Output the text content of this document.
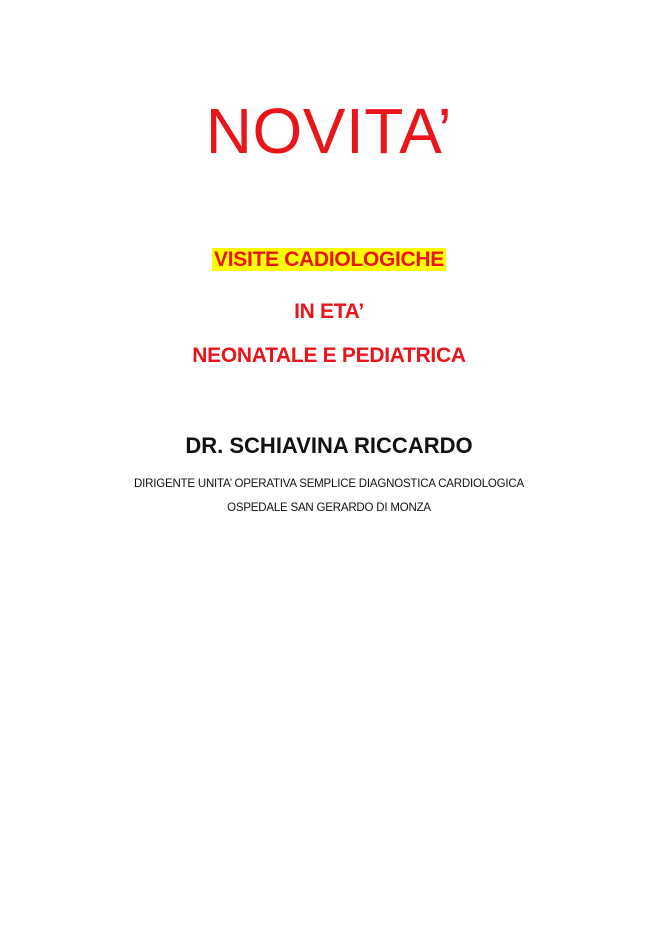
NOVITA’
VISITE CADIOLOGICHE
IN ETA’
NEONATALE E PEDIATRICA
DR. SCHIAVINA RICCARDO
DIRIGENTE UNITA’ OPERATIVA SEMPLICE DIAGNOSTICA CARDIOLOGICA
OSPEDALE SAN GERARDO DI MONZA
